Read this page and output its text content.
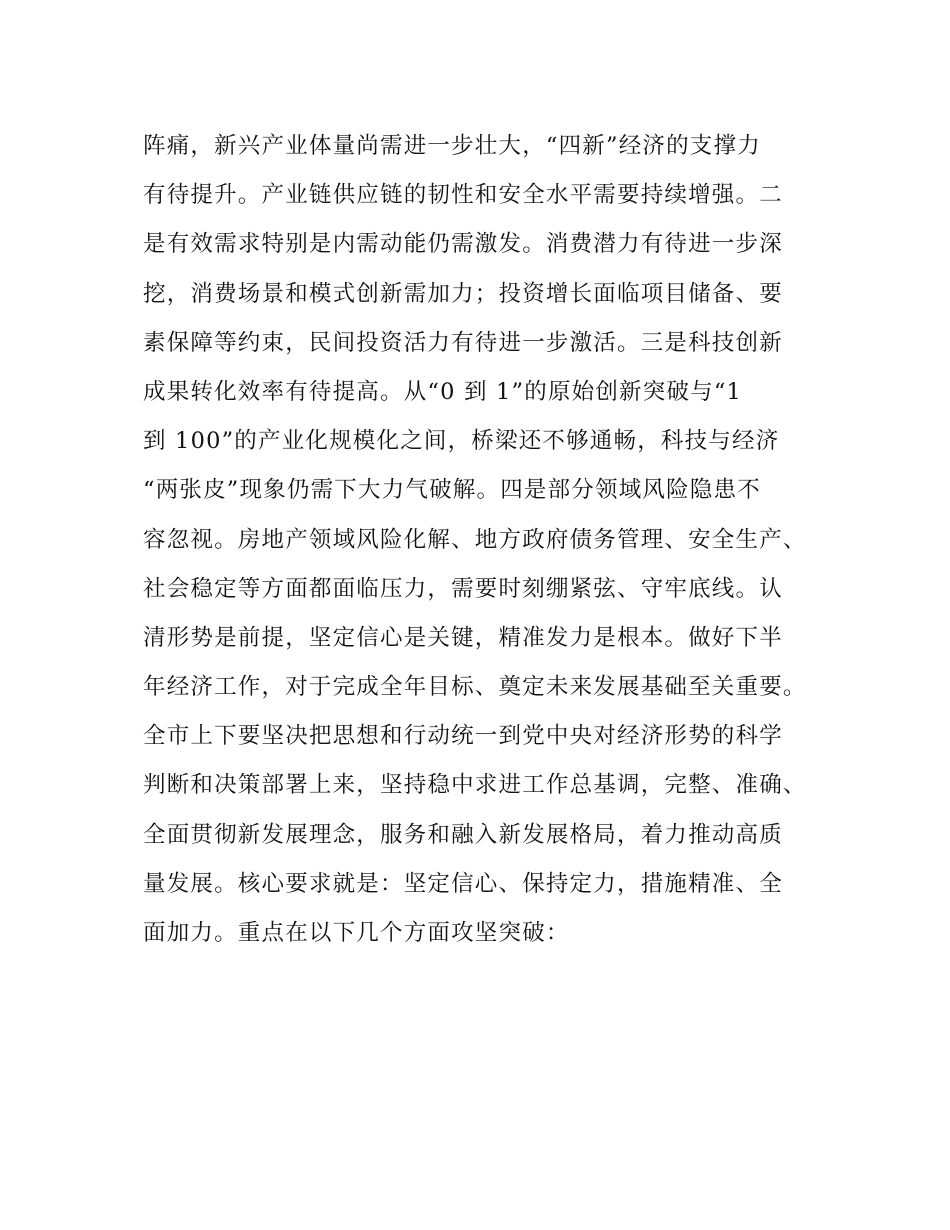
阵痛，新兴产业体量尚需进一步壮大，“四新”经济的支撑力
有待提升。产业链供应链的韧性和安全水平需要持续增强。二
是有效需求特别是内需动能仍需激发。消费潜力有待进一步深
挖，消费场景和模式创新需加力；投资增长面临项目储备、要
素保障等约束，民间投资活力有待进一步激活。三是科技创新
成果转化效率有待提高。从“0 到 1”的原始创新突破与“1
到 100”的产业化规模化之间，桥梁还不够通畅，科技与经济
“两张皮”现象仍需下大力气破解。四是部分领域风险隐患不
容忽视。房地产领域风险化解、地方政府债务管理、安全生产、
社会稳定等方面都面临压力，需要时刻绷紧弦、守牢底线。认
清形势是前提，坚定信心是关键，精准发力是根本。做好下半
年经济工作，对于完成全年目标、奠定未来发展基础至关重要。
全市上下要坚决把思想和行动统一到党中央对经济形势的科学
判断和决策部署上来，坚持稳中求进工作总基调，完整、准确、
全面贯彻新发展理念，服务和融入新发展格局，着力推动高质
量发展。核心要求就是：坚定信心、保持定力，措施精准、全
面加力。重点在以下几个方面攻坚突破：
